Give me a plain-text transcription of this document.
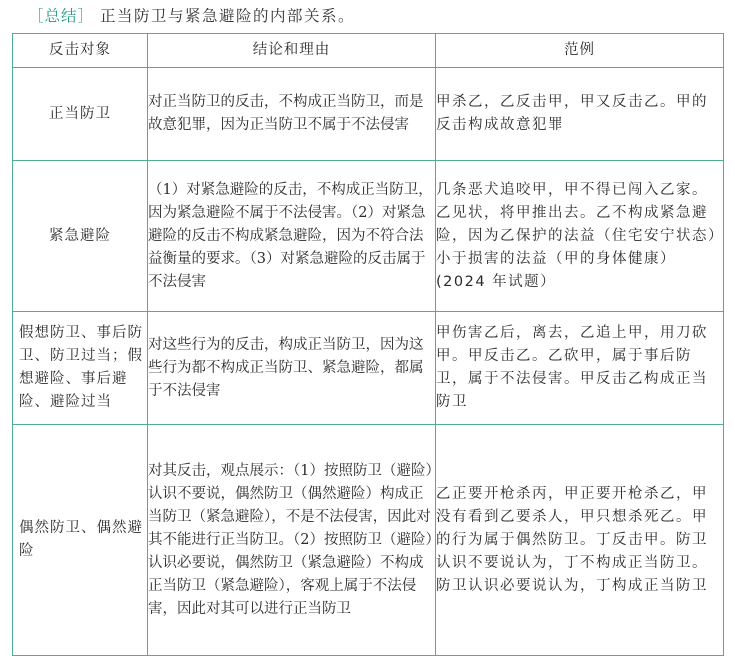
［总结］ 正当防卫与紧急避险的内部关系。
反击对象	结论和理由	范例
正当防卫	对正当防卫的反击，不构成正当防卫，而是故意犯罪，因为正当防卫不属于不法侵害	甲杀乙，乙反击甲，甲又反击乙。甲的反击构成故意犯罪
紧急避险	（1）对紧急避险的反击，不构成正当防卫，因为紧急避险不属于不法侵害。（2）对紧急避险的反击不构成紧急避险，因为不符合法益衡量的要求。（3）对紧急避险的反击属于不法侵害	几条恶犬追咬甲，甲不得已闯入乙家。乙见状，将甲推出去。乙不构成紧急避险，因为乙保护的法益（住宅安宁状态）小于损害的法益（甲的身体健康）(2024 年试题）
假想防卫、事后防卫、防卫过当；假想避险、事后避险、避险过当	对这些行为的反击，构成正当防卫，因为这些行为都不构成正当防卫、紧急避险，都属于不法侵害	甲伤害乙后，离去，乙追上甲，用刀砍甲。甲反击乙。乙砍甲，属于事后防卫，属于不法侵害。甲反击乙构成正当防卫
偶然防卫、偶然避险	对其反击，观点展示：（1）按照防卫（避险）认识不要说，偶然防卫（偶然避险）构成正当防卫（紧急避险），不是不法侵害，因此对其不能进行正当防卫。（2）按照防卫（避险）认识必要说，偶然防卫（紧急避险）不构成正当防卫（紧急避险），客观上属于不法侵害，因此对其可以进行正当防卫	乙正要开枪杀丙，甲正要开枪杀乙，甲没有看到乙要杀人，甲只想杀死乙。甲的行为属于偶然防卫。丁反击甲。防卫认识不要说认为，丁不构成正当防卫。防卫认识必要说认为，丁构成正当防卫
